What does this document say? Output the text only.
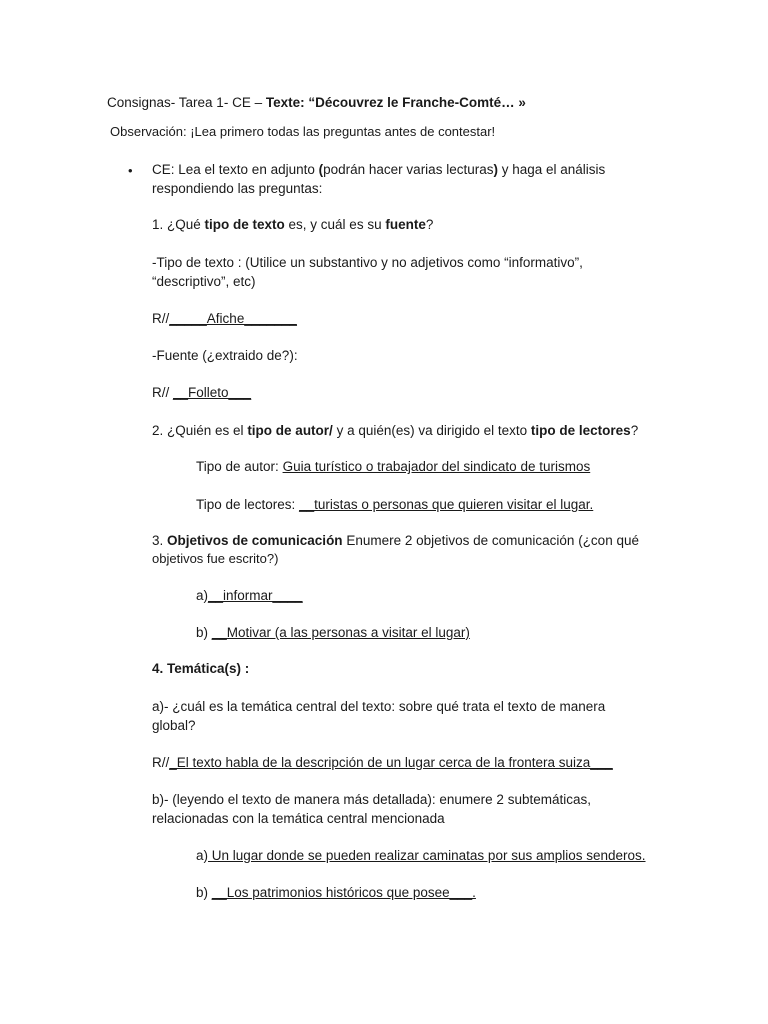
Consignas- Tarea 1- CE – Texte: “Découvrez le Franche-Comté… »
Observación: ¡Lea primero todas las preguntas antes de contestar!
• CE: Lea el texto en adjunto (podrán hacer varias lecturas) y haga el análisis
respondiendo las preguntas:
1. ¿Qué tipo de texto es, y cuál es su fuente?
-Tipo de texto : (Utilice un substantivo y no adjetivos como “informativo”,
“descriptivo”, etc)
R//_____Afiche_______
-Fuente (¿extraido de?):
R// __Folleto___
2. ¿Quién es el tipo de autor/ y a quién(es) va dirigido el texto tipo de lectores?
Tipo de autor: Guia turístico o trabajador del sindicato de turismos
Tipo de lectores: __turistas o personas que quieren visitar el lugar.
3. Objetivos de comunicación Enumere 2 objetivos de comunicación (¿con qué
objetivos fue escrito?)
a)__informar____
b) __Motivar (a las personas a visitar el lugar)
4. Temática(s) :
a)- ¿cuál es la temática central del texto: sobre qué trata el texto de manera
global?
R//_El texto habla de la descripción de un lugar cerca de la frontera suiza___
b)- (leyendo el texto de manera más detallada): enumere 2 subtemáticas,
relacionadas con la temática central mencionada
a) Un lugar donde se pueden realizar caminatas por sus amplios senderos.
b) __Los patrimonios históricos que posee___.
